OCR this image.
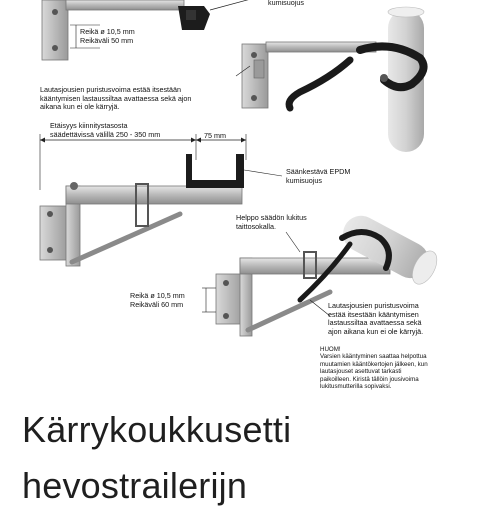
kumisuojus
Reikä ø 10,5 mm
Reikäväli 50 mm
Lautasjousien puristusvoima estää itsestään
kääntymisen lastaussiltaa avattaessa sekä ajon
aikana kun ei ole kärryjä.
Etäisyys kiinnitystasosta
säädettävissä välillä 250 - 350 mm	75 mm
Säänkestävä EPDM
kumisuojus
Helppo säädön lukitus
taittosokalla.
Reikä ø 10,5 mm
Reikäväli 60 mm	Lautasjousien puristusvoima
estää itsestään kääntymisen
lastaussiltaa avattaessa sekä
ajon aikana kun ei ole kärryjä.
HUOM!
Varsien kääntyminen saattaa helpottua
muutamien kääntökertojen jälkeen, kun
lautasjouset asettuvat tarkasti
paikoilleen. Kiristä tällöin jousivoima
lukitusmutterilla sopivaksi.
Kärrykoukkusetti
hevostrailerijn
